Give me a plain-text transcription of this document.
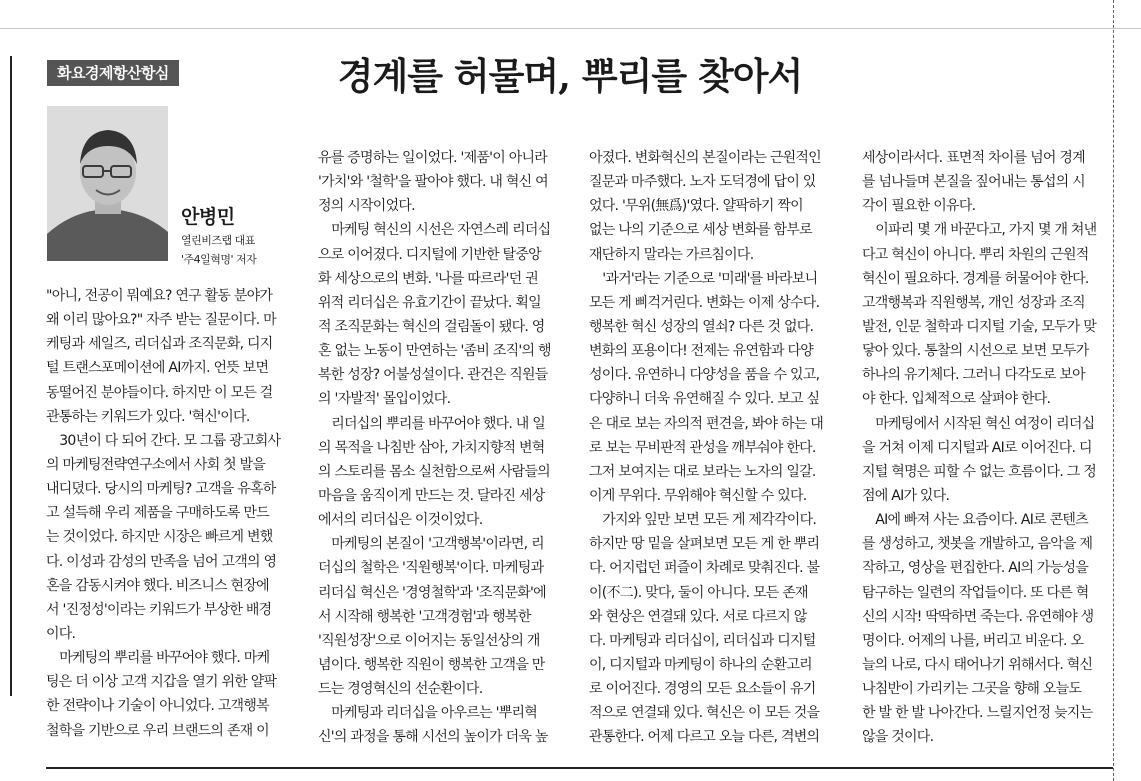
화요경제항산항심	경계를 허물며, 뿌리를 찾아서
안병민
열린비즈랩 대표
'주4일혁명' 저자
"아니, 전공이 뭐예요? 연구 활동 분야가
왜 이리 많아요?" 자주 받는 질문이다. 마
케팅과 세일즈, 리더십과 조직문화, 디지
털 트랜스포메이션에 AI까지. 언뜻 보면
동떨어진 분야들이다. 하지만 이 모든 걸
관통하는 키워드가 있다. '혁신'이다.
　30년이 다 되어 간다. 모 그룹 광고회사
의 마케팅전략연구소에서 사회 첫 발을
내디뎠다. 당시의 마케팅? 고객을 유혹하
고 설득해 우리 제품을 구매하도록 만드
는 것이었다. 하지만 시장은 빠르게 변했
다. 이성과 감성의 만족을 넘어 고객의 영
혼을 감동시켜야 했다. 비즈니스 현장에
서 '진정성'이라는 키워드가 부상한 배경
이다.
　마케팅의 뿌리를 바꾸어야 했다. 마케
팅은 더 이상 고객 지갑을 열기 위한 얄팍
한 전략이나 기술이 아니었다. 고객행복
철학을 기반으로 우리 브랜드의 존재 이
유를 증명하는 일이었다. '제품'이 아니라
'가치'와 '철학'을 팔아야 했다. 내 혁신 여
정의 시작이었다.
　마케팅 혁신의 시선은 자연스레 리더십
으로 이어졌다. 디지털에 기반한 탈중앙
화 세상으로의 변화. '나를 따르라'던 권
위적 리더십은 유효기간이 끝났다. 획일
적 조직문화는 혁신의 걸림돌이 됐다. 영
혼 없는 노동이 만연하는 '좀비 조직'의 행
복한 성장? 어불성설이다. 관건은 직원들
의 '자발적' 몰입이었다.
　리더십의 뿌리를 바꾸어야 했다. 내 일
의 목적을 나침반 삼아, 가치지향적 변혁
의 스토리를 몸소 실천함으로써 사람들의
마음을 움직이게 만드는 것. 달라진 세상
에서의 리더십은 이것이었다.
　마케팅의 본질이 '고객행복'이라면, 리
더십의 철학은 '직원행복'이다. 마케팅과
리더십 혁신은 '경영철학'과 '조직문화'에
서 시작해 행복한 '고객경험'과 행복한
'직원성장'으로 이어지는 동일선상의 개
념이다. 행복한 직원이 행복한 고객을 만
드는 경영혁신의 선순환이다.
　마케팅과 리더십을 아우르는 '뿌리혁
신'의 과정을 통해 시선의 높이가 더욱 높
아졌다. 변화혁신의 본질이라는 근원적인
질문과 마주했다. 노자 도덕경에 답이 있
었다. '무위(無爲)'였다. 얄팍하기 짝이
없는 나의 기준으로 세상 변화를 함부로
재단하지 말라는 가르침이다.
　'과거'라는 기준으로 '미래'를 바라보니
모든 게 삐걱거린다. 변화는 이제 상수다.
행복한 혁신 성장의 열쇠? 다른 것 없다.
변화의 포용이다! 전제는 유연함과 다양
성이다. 유연하니 다양성을 품을 수 있고,
다양하니 더욱 유연해질 수 있다. 보고 싶
은 대로 보는 자의적 편견을, 봐야 하는 대
로 보는 무비판적 관성을 깨부숴야 한다.
그저 보여지는 대로 보라는 노자의 일갈.
이게 무위다. 무위해야 혁신할 수 있다.
　가지와 잎만 보면 모든 게 제각각이다.
하지만 땅 밑을 살펴보면 모든 게 한 뿌리
다. 어지럽던 퍼즐이 차례로 맞춰진다. 불
이(不二). 맞다, 둘이 아니다. 모든 존재
와 현상은 연결돼 있다. 서로 다르지 않
다. 마케팅과 리더십이, 리더십과 디지털
이, 디지털과 마케팅이 하나의 순환고리
로 이어진다. 경영의 모든 요소들이 유기
적으로 연결돼 있다. 혁신은 이 모든 것을
관통한다. 어제 다르고 오늘 다른, 격변의
세상이라서다. 표면적 차이를 넘어 경계
를 넘나들며 본질을 짚어내는 통섭의 시
각이 필요한 이유다.
　이파리 몇 개 바꾼다고, 가지 몇 개 쳐낸
다고 혁신이 아니다. 뿌리 차원의 근원적
혁신이 필요하다. 경계를 허물어야 한다.
고객행복과 직원행복, 개인 성장과 조직
발전, 인문 철학과 디지털 기술, 모두가 맞
닿아 있다. 통찰의 시선으로 보면 모두가
하나의 유기체다. 그러니 다각도로 보아
야 한다. 입체적으로 살펴야 한다.
　마케팅에서 시작된 혁신 여정이 리더십
을 거쳐 이제 디지털과 AI로 이어진다. 디
지털 혁명은 피할 수 없는 흐름이다. 그 정
점에 AI가 있다.
　AI에 빠져 사는 요즘이다. AI로 콘텐츠
를 생성하고, 챗봇을 개발하고, 음악을 제
작하고, 영상을 편집한다. AI의 가능성을
탐구하는 일련의 작업들이다. 또 다른 혁
신의 시작! 딱딱하면 죽는다. 유연해야 생
명이다. 어제의 나를, 버리고 비운다. 오
늘의 나로, 다시 태어나기 위해서다. 혁신
나침반이 가리키는 그곳을 향해 오늘도
한 발 한 발 나아간다. 느릴지언정 늦지는
않을 것이다.
